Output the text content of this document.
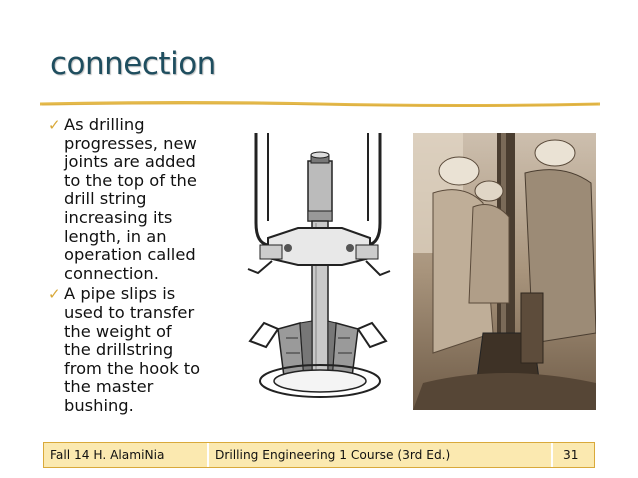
connection
✓ As drilling
progresses, new
joints are added
to the top of the
drill string
increasing its
length, in an
operation called
connection.
✓ A pipe slips is
used to transfer
the weight of
the drillstring
from the hook to
the master
bushing.
Fall 14 H. AlamiNia	Drilling Engineering 1 Course (3rd Ed.)	31
